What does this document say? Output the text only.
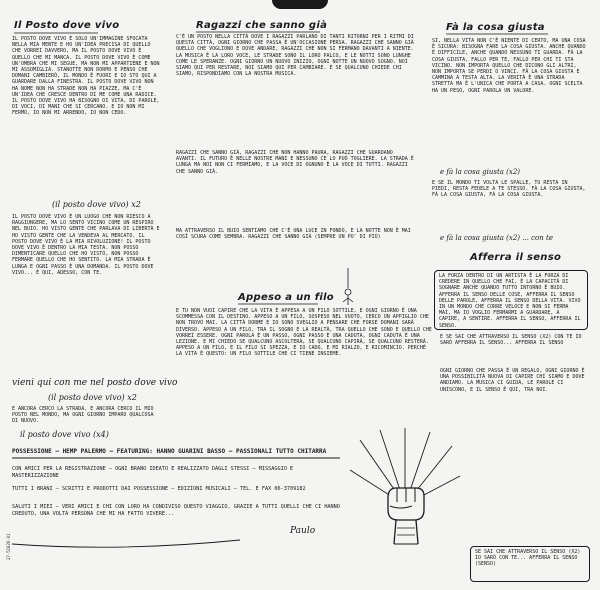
Il Posto dove vivo
IL POSTO DOVE VIVO È SOLO UN'IMMAGINE SFOCATA NELLA MIA MENTE E HO UN'IDEA PRECISA DI QUELLO CHE VORREI DAVVERO, MA IL POSTO DOVE VIVO È QUELLO CHE MI MANCA. IL POSTO DOVE VIVO È COME UN'OMBRA CHE MI SEGUE, MA NON MI APPARTIENE E NON MI ASSOMIGLIA. STANOTTE NON DORMO E PENSO CHE DOMANI CAMBIERÒ, IL MONDO È FUORI E IO STO QUI A GUARDARE DALLA FINESTRA. IL POSTO DOVE VIVO NON HA NOME NON HA STRADE NON HA PIAZZE, MA C'È UN'IDEA CHE CRESCE DENTRO DI ME COME UNA RADICE. IL POSTO DOVE VIVO HA BISOGNO DI VITA, DI PAROLE, DI VOCI, DI MANI CHE SI CERCANO. E IO NON MI FERMO, IO NON MI ARRENDO, IO NON CEDO.
(il posto dove vivo) x2
IL POSTO DOVE VIVO È UN LUOGO CHE NON RIESCO A RAGGIUNGERE, MA LO SENTO VICINO COME UN RESPIRO NEL BUIO. HO VISTO GENTE CHE PARLAVA DI LIBERTÀ E HO VISTO GENTE CHE LA VENDEVA AL MERCATO. IL POSTO DOVE VIVO È LA MIA RIVOLUZIONE! IL POSTO DOVE VIVO È DENTRO LA MIA TESTA. NON POSSO DIMENTICARE QUELLO CHE HO VISTO, NON POSSO FERMARE QUELLO CHE HO SENTITO. LA MIA STRADA È LUNGA E OGNI PASSO È UNA DOMANDA. IL POSTO DOVE VIVO... È QUI, ADESSO, CON TE.
vieni qui con me nel posto dove vivo
(il posto dove vivo) x2
E ANCORA CERCO LA STRADA, E ANCORA CERCO IL MIO POSTO NEL MONDO, MA OGNI GIORNO IMPARO QUALCOSA DI NUOVO.
il posto dove vivo (x4)
Ragazzi che sanno già
C'È UN POSTO NELLA CITTÀ DOVE I RAGAZZI PARLANO DI TANTI RITORNI PER I RITMI DI QUESTA CITTÀ, OGNI GIORNO CHE PASSA È UN'OCCASIONE PERSA. RAGAZZI CHE SANNO GIÀ QUELLO CHE VOGLIONO E DOVE ANDARE, RAGAZZI CHE NON SI FERMANO DAVANTI A NIENTE. LA MUSICA È LA LORO VOCE, LE STRADE SONO IL LORO PALCO, E LE NOTTI SONO LUNGHE COME LE SPERANZE. OGNI GIORNO UN NUOVO INIZIO, OGNI NOTTE UN NUOVO SOGNO. NOI SIAMO QUI PER RESTARE, NOI SIAMO QUI PER CAMBIARE. E SE QUALCUNO CHIEDE CHI SIAMO, RISPONDIAMO CON LA NOSTRA MUSICA.
RAGAZZI CHE SANNO GIÀ, RAGAZZI CHE NON HANNO PAURA, RAGAZZI CHE GUARDANO AVANTI. IL FUTURO È NELLE NOSTRE MANI E NESSUNO CE LO PUÒ TOGLIERE. LA STRADA È LUNGA MA NOI NON CI FERMIAMO, E LA VOCE DI OGNUNO È LA VOCE DI TUTTI. RAGAZZI CHE SANNO GIÀ.
MA ATTRAVERSO IL BUIO SENTIAMO CHE C'È UNA LUCE IN FONDO, E LA NOTTE NON È MAI COSÌ SCURA COME SEMBRA. RAGAZZI CHE SANNO GIÀ (SEMPRE UN PO' DI PIÙ)
Appeso a un filo
E TU NON VUOI CAPIRE CHE LA VITA È APPESA A UN FILO SOTTILE, E OGNI GIORNO È UNA SCOMMESSA CON IL DESTINO. APPESO A UN FILO, SOSPESO NEL VUOTO, CERCO UN APPIGLIO CHE NON TROVO MAI. LA CITTÀ DORME E IO SONO SVEGLIO A PENSARE CHE FORSE DOMANI SARÀ DIVERSO. APPESO A UN FILO, TRA IL SOGNO E LA REALTÀ, TRA QUELLO CHE SONO E QUELLO CHE VORREI ESSERE. OGNI PAROLA È UN PASSO, OGNI PASSO È UNA CADUTA, OGNI CADUTA È UNA LEZIONE. E MI CHIEDO SE QUALCUNO ASCOLTERÀ, SE QUALCUNO CAPIRÀ, SE QUALCUNO RESTERÀ. APPESO A UN FILO, E IL FILO SI SPEZZA, E IO CADO, E MI RIALZO, E RICOMINCIO. PERCHÉ LA VITA È QUESTO: UN FILO SOTTILE CHE CI TIENE INSIEME.
Fà la cosa giusta
SI, NELLA VITA NON C'È NIENTE DI CERTO, MA UNA COSA È SICURA: BISOGNA FARE LA COSA GIUSTA. ANCHE QUANDO È DIFFICILE, ANCHE QUANDO NESSUNO TI GUARDA. FÀ LA COSA GIUSTA, FALLO PER TE, FALLO PER CHI TI STA VICINO. NON IMPORTA QUELLO CHE DICONO GLI ALTRI, NON IMPORTA SE PERDI O VINCI. FÀ LA COSA GIUSTA E CAMMINA A TESTA ALTA. LA VERITÀ È UNA STRADA STRETTA MA È L'UNICA CHE PORTA A CASA. OGNI SCELTA HA UN PESO, OGNI PAROLA UN VALORE.
e fà la cosa giusta (x2)
E SE IL MONDO TI VOLTA LE SPALLE, TU RESTA IN PIEDI, RESTA FEDELE A TE STESSO. FÀ LA COSA GIUSTA, FÀ LA COSA GIUSTA, FÀ LA COSA GIUSTA.
e fà la cosa giusta (x2) ... con te
Afferra il senso
LA FORZA DENTRO DI UN ARTISTA È LA FORZA DI CREDERE IN QUELLO CHE FAI, È LA CAPACITÀ DI SOGNARE ANCHE QUANDO TUTTO INTORNO È BUIO. AFFERRA IL SENSO DELLE COSE, AFFERRA IL SENSO DELLE PAROLE, AFFERRA IL SENSO DELLA VITA. VIVO IN UN MONDO CHE CORRE VELOCE E NON SI FERMA MAI, MA IO VOGLIO FERMARMI A GUARDARE, A CAPIRE, A SENTIRE. AFFERRA IL SENSO, AFFERRA IL SENSO.
E SE SAI CHE ATTRAVERSO IL SENSO (X2) CON TE IO SARÒ AFFERRA IL SENSO... AFFERRA IL SENSO
OGNI GIORNO CHE PASSA È UN REGALO, OGNI GIORNO È UNA POSSIBILITÀ NUOVA DI CAPIRE CHI SIAMO E DOVE ANDIAMO. LA MUSICA CI GUIDA, LE PAROLE CI UNISCONO, E IL SENSO È QUI, TRA NOI.
SE SAI CHE ATTRAVERSO IL SENSO (X2) IO SARÒ CON TE... AFFERRA IL SENSO (SENSO)
POSSESSIONE — HEMP PALERMO — FEATURING: HANNO GUARINI BASSO — PASSIONALI TUTTO CHITARRA
CON AMICI PER LA REGISTRAZIONE — OGNI BRANO IDEATO E REALIZZATO DAGLI STESSI — MISSAGGIO E MASTERIZZAZIONE
TUTTI I BRANI — SCRITTI E PRODOTTI DAI POSSESSIONE — EDIZIONI MUSICALI — TEL. E FAX 06-3709182
SALUTI I MIEI — VERI AMICI E CHI CON LORO HA CONDIVISO QUESTO VIAGGIO, GRAZIE A TUTTI QUELLI CHE CI HANNO CREDUTO, UNA VOLTA PERSONA CHE MI HA FATTO VIVERE...
Paulo
27-51826-01
